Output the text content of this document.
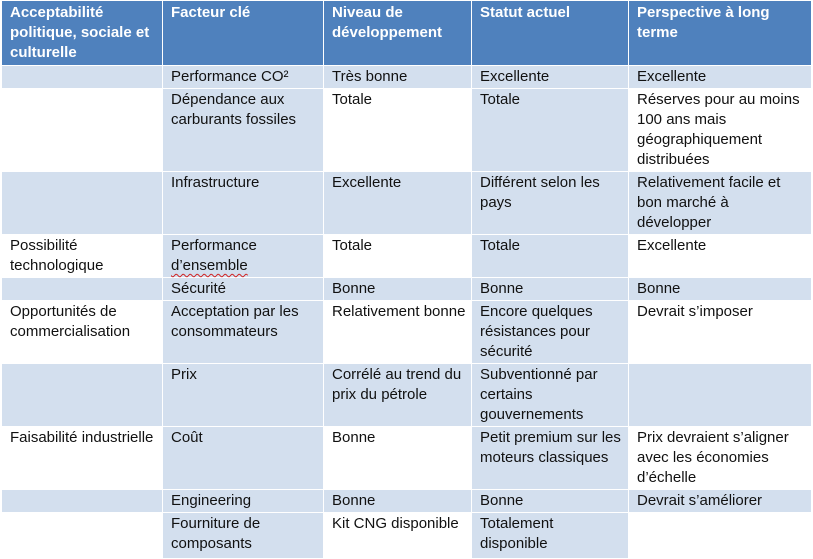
Acceptabilité politique, sociale et culturelle	Facteur clé	Niveau de développement	Statut actuel	Perspective à long terme
	Performance CO²	Très bonne	Excellente	Excellente
	Dépendance aux carburants fossiles	Totale	Totale	Réserves pour au moins 100 ans mais géographiquement distribuées
	Infrastructure	Excellente	Différent selon les pays	Relativement facile et bon marché à développer
Possibilité technologique	Performance d’ensemble	Totale	Totale	Excellente
	Sécurité	Bonne	Bonne	Bonne
Opportunités de commercialisation	Acceptation par les consommateurs	Relativement bonne	Encore quelques résistances pour sécurité	Devrait s’imposer
	Prix	Corrélé au trend du prix du pétrole	Subventionné par certains gouvernements	
Faisabilité industrielle	Coût	Bonne	Petit premium sur les moteurs classiques	Prix devraient s’aligner avec les économies d’échelle
	Engineering	Bonne	Bonne	Devrait s’améliorer
	Fourniture de composants	Kit CNG disponible	Totalement disponible	
